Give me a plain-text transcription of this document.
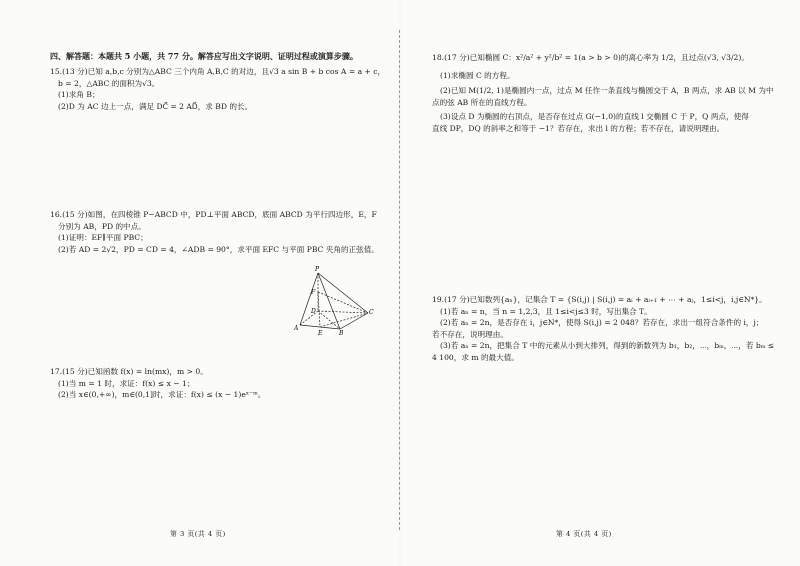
四、解答题：本题共 5 小题，共 77 分。解答应写出文字说明、证明过程或演算步骤。
15.(13 分)已知 a,b,c 分别为△ABC 三个内角 A,B,C 的对边，且√3 a sin B + b cos A = a + c，
b = 2，△ABC 的面积为√3。
(1)求角 B；
(2)D 为 AC 边上一点，满足 DC⃗ = 2 AD⃗，求 BD 的长。
16.(15 分)如图，在四棱锥 P−ABCD 中，PD⊥平面 ABCD，底面 ABCD 为平行四边形，E，F
分别为 AB，PD 的中点。
(1)证明：EF∥平面 PBC；
(2)若 AD = 2√2，PD = CD = 4，∠ADB = 90°，求平面 EFC 与平面 PBC 夹角的正弦值。
P
F
D
A
E	B
C
17.(15 分)已知函数 f(x) = ln(mx)，m > 0。
(1)当 m = 1 时，求证：f(x) ≤ x − 1；
(2)当 x∈(0,+∞)，m∈(0,1]时，求证：f(x) ≤ (x − 1)eˣ⁻ᵐ。
第 3 页(共 4 页)
18.(17 分)已知椭圆 C：x²/a² + y²/b² = 1(a > b > 0)的离心率为 1/2，且过点(√3, √3/2)。
(1)求椭圆 C 的方程。
(2)已知 M(1/2, 1)是椭圆内一点，过点 M 任作一条直线与椭圆交于 A，B 两点，求 AB 以 M 为中
点的弦 AB 所在的直线方程。
(3)设点 D 为椭圆的右顶点，是否存在过点 G(−1,0)的直线 l 交椭圆 C 于 P，Q 两点，使得
直线 DP，DQ 的斜率之和等于 −1？若存在，求出 l 的方程；若不存在，请说明理由。
19.(17 分)已知数列{aₙ}，记集合 T = {S(i,j) | S(i,j) = aᵢ + aᵢ₊₁ + ⋯ + aⱼ，1≤i<j，i,j∈N*}。
(1)若 aₙ = n，当 n = 1,2,3，且 1≤i<j≤3 时，写出集合 T。
(2)若 aₙ = 2n，是否存在 i，j∈N*，使得 S(i,j) = 2 048？若存在，求出一组符合条件的 i，j；
若不存在，说明理由。
(3)若 aₙ = 2n，把集合 T 中的元素从小到大排列，得到的新数列为 b₁，b₂，⋯，bₘ，⋯，若 bₘ ≤
4 100，求 m 的最大值。
第 4 页(共 4 页)
